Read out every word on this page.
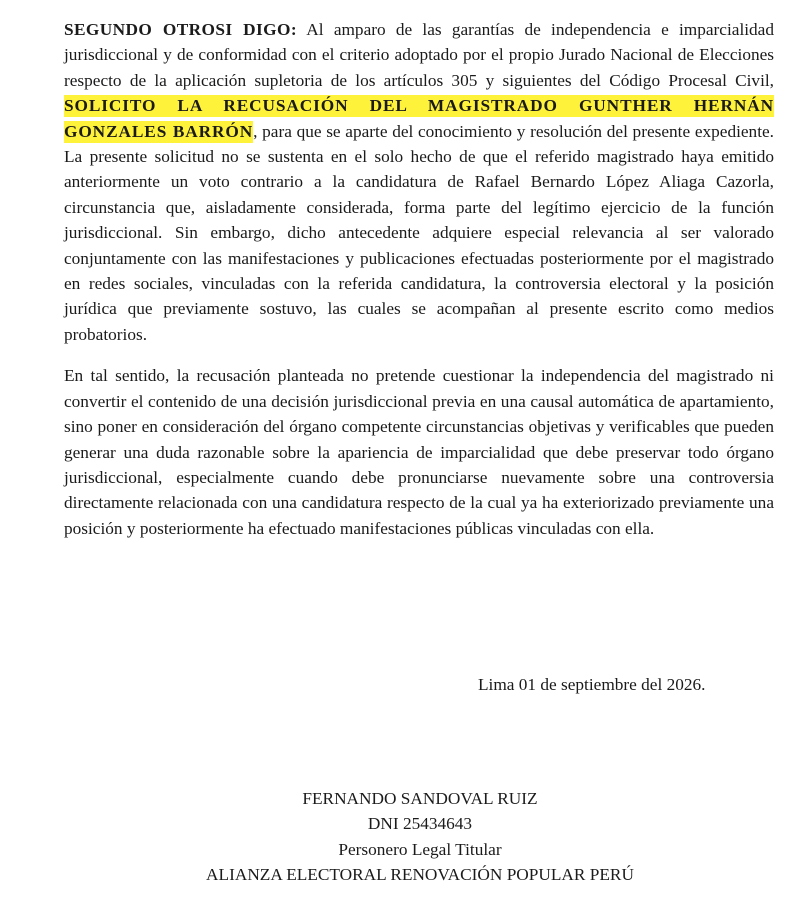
SEGUNDO OTROSI DIGO: Al amparo de las garantías de independencia e imparcialidad jurisdiccional y de conformidad con el criterio adoptado por el propio Jurado Nacional de Elecciones respecto de la aplicación supletoria de los artículos 305 y siguientes del Código Procesal Civil, SOLICITO LA RECUSACIÓN DEL MAGISTRADO GUNTHER HERNÁN GONZALES BARRÓN, para que se aparte del conocimiento y resolución del presente expediente. La presente solicitud no se sustenta en el solo hecho de que el referido magistrado haya emitido anteriormente un voto contrario a la candidatura de Rafael Bernardo López Aliaga Cazorla, circunstancia que, aisladamente considerada, forma parte del legítimo ejercicio de la función jurisdiccional. Sin embargo, dicho antecedente adquiere especial relevancia al ser valorado conjuntamente con las manifestaciones y publicaciones efectuadas posteriormente por el magistrado en redes sociales, vinculadas con la referida candidatura, la controversia electoral y la posición jurídica que previamente sostuvo, las cuales se acompañan al presente escrito como medios probatorios.

En tal sentido, la recusación planteada no pretende cuestionar la independencia del magistrado ni convertir el contenido de una decisión jurisdiccional previa en una causal automática de apartamiento, sino poner en consideración del órgano competente circunstancias objetivas y verificables que pueden generar una duda razonable sobre la apariencia de imparcialidad que debe preservar todo órgano jurisdiccional, especialmente cuando debe pronunciarse nuevamente sobre una controversia directamente relacionada con una candidatura respecto de la cual ya ha exteriorizado previamente una posición y posteriormente ha efectuado manifestaciones públicas vinculadas con ella.

Lima 01 de septiembre del 2026.
FERNANDO SANDOVAL RUIZ
DNI 25434643
Personero Legal Titular
ALIANZA ELECTORAL RENOVACIÓN POPULAR PERÚ
